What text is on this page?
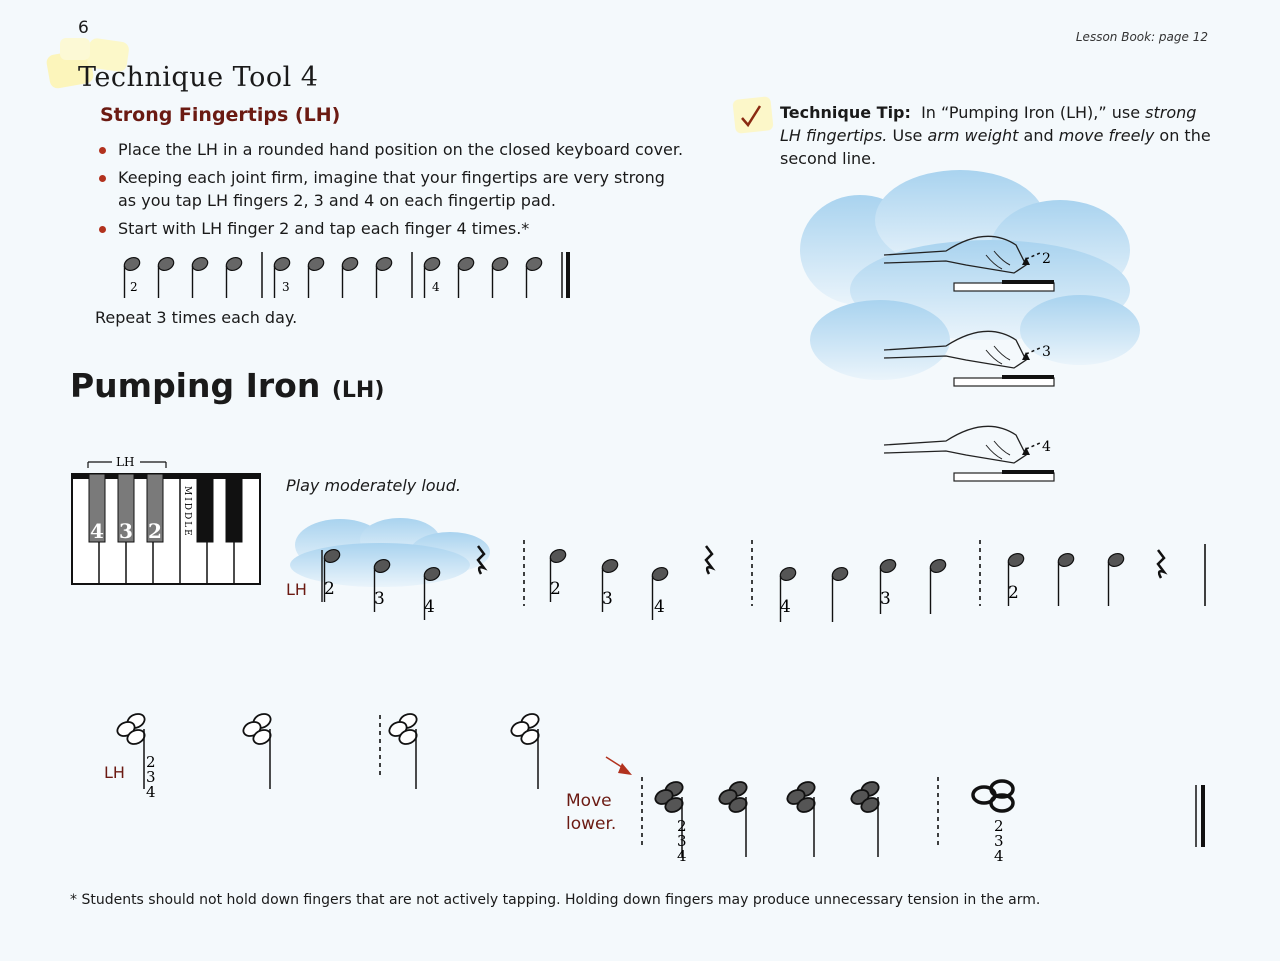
6	Lesson Book: page 12
Technique Tool 4
Strong Fingertips (LH)
Place the LH in a rounded hand position on the closed keyboard cover.
Keeping each joint firm, imagine that your fingertips are very strong as you tap LH fingers 2, 3 and 4 on each fingertip pad.
Start with LH finger 2 and tap each finger 4 times.*
2	3	4
Repeat 3 times each day.
Technique Tip: In “Pumping Iron (LH),” use strong LH fingertips. Use arm weight and move freely on the second line.
2
3
4
Pumping Iron (LH)
LH
4 3 2 MIDDLE
Play moderately loud.
LH 2 3 4
2 3 4	4	3	2
LH
2
3
4
2
3
4
2
3
4
Move
lower.
* Students should not hold down fingers that are not actively tapping. Holding down fingers may produce unnecessary tension in the arm.
